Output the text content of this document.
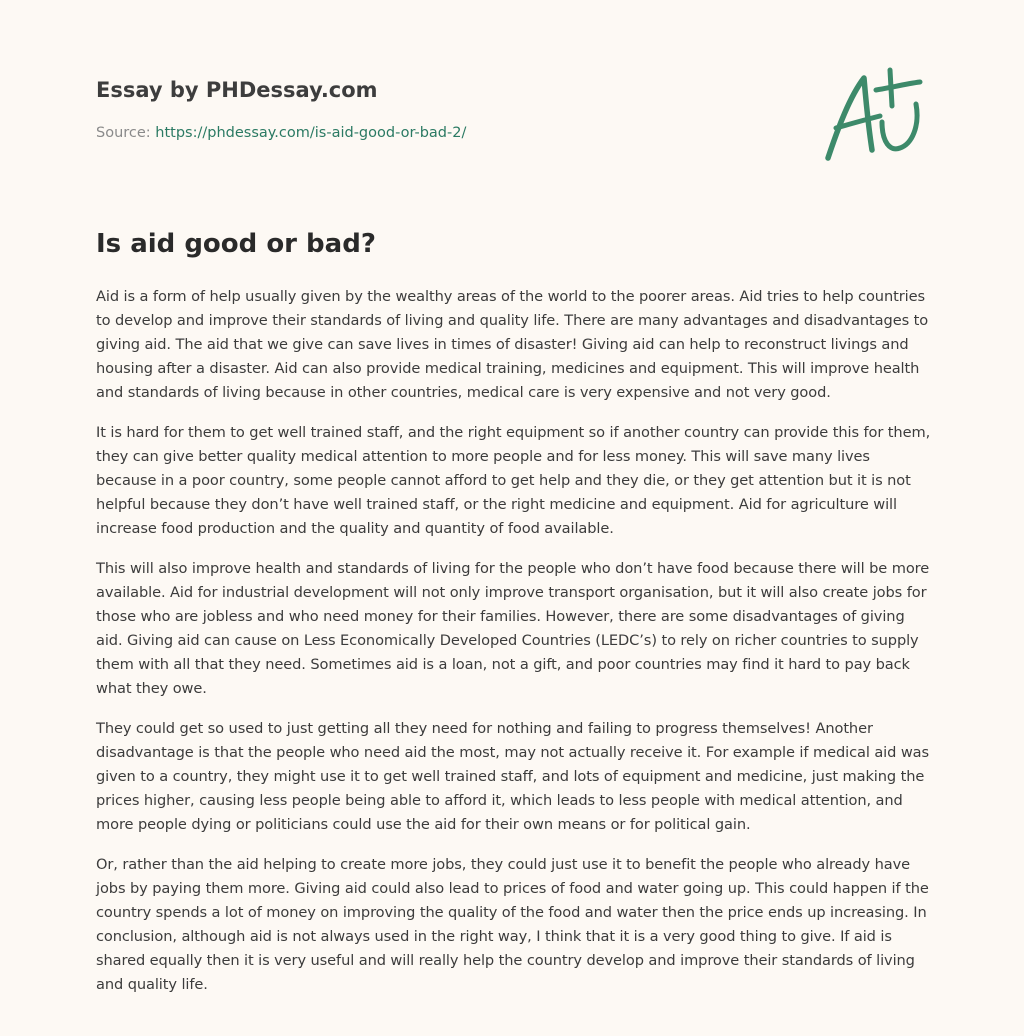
Essay by PHDessay.com
Source: https://phdessay.com/is-aid-good-or-bad-2/
Is aid good or bad?

Aid is a form of help usually given by the wealthy areas of the world to the poorer areas. Aid tries to help countries to develop and improve their standards of living and quality life. There are many advantages and disadvantages to giving aid. The aid that we give can save lives in times of disaster! Giving aid can help to reconstruct livings and housing after a disaster. Aid can also provide medical training, medicines and equipment. This will improve health and standards of living because in other countries, medical care is very expensive and not very good.

It is hard for them to get well trained staff, and the right equipment so if another country can provide this for them, they can give better quality medical attention to more people and for less money. This will save many lives because in a poor country, some people cannot afford to get help and they die, or they get attention but it is not helpful because they don’t have well trained staff, or the right medicine and equipment. Aid for agriculture will increase food production and the quality and quantity of food available.

This will also improve health and standards of living for the people who don’t have food because there will be more available. Aid for industrial development will not only improve transport organisation, but it will also create jobs for those who are jobless and who need money for their families. However, there are some disadvantages of giving aid. Giving aid can cause on Less Economically Developed Countries (LEDC’s) to rely on richer countries to supply them with all that they need. Sometimes aid is a loan, not a gift, and poor countries may find it hard to pay back what they owe.

They could get so used to just getting all they need for nothing and failing to progress themselves! Another disadvantage is that the people who need aid the most, may not actually receive it. For example if medical aid was given to a country, they might use it to get well trained staff, and lots of equipment and medicine, just making the prices higher, causing less people being able to afford it, which leads to less people with medical attention, and more people dying or politicians could use the aid for their own means or for political gain.

Or, rather than the aid helping to create more jobs, they could just use it to benefit the people who already have jobs by paying them more. Giving aid could also lead to prices of food and water going up. This could happen if the country spends a lot of money on improving the quality of the food and water then the price ends up increasing. In conclusion, although aid is not always used in the right way, I think that it is a very good thing to give. If aid is shared equally then it is very useful and will really help the country develop and improve their standards of living and quality life.
